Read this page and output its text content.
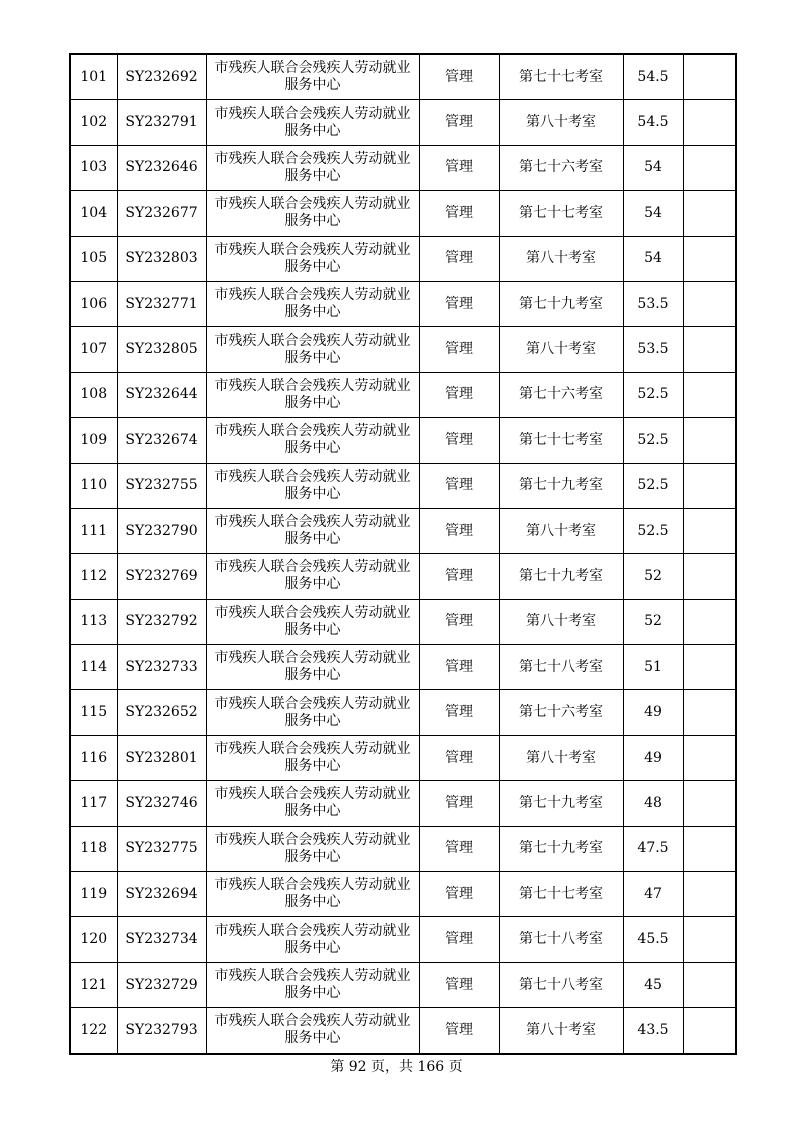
101	SY232692	市残疾人联合会残疾人劳动就业服务中心	管理	第七十七考室	54.5	
102	SY232791	市残疾人联合会残疾人劳动就业服务中心	管理	第八十考室	54.5	
103	SY232646	市残疾人联合会残疾人劳动就业服务中心	管理	第七十六考室	54	
104	SY232677	市残疾人联合会残疾人劳动就业服务中心	管理	第七十七考室	54	
105	SY232803	市残疾人联合会残疾人劳动就业服务中心	管理	第八十考室	54	
106	SY232771	市残疾人联合会残疾人劳动就业服务中心	管理	第七十九考室	53.5	
107	SY232805	市残疾人联合会残疾人劳动就业服务中心	管理	第八十考室	53.5	
108	SY232644	市残疾人联合会残疾人劳动就业服务中心	管理	第七十六考室	52.5	
109	SY232674	市残疾人联合会残疾人劳动就业服务中心	管理	第七十七考室	52.5	
110	SY232755	市残疾人联合会残疾人劳动就业服务中心	管理	第七十九考室	52.5	
111	SY232790	市残疾人联合会残疾人劳动就业服务中心	管理	第八十考室	52.5	
112	SY232769	市残疾人联合会残疾人劳动就业服务中心	管理	第七十九考室	52	
113	SY232792	市残疾人联合会残疾人劳动就业服务中心	管理	第八十考室	52	
114	SY232733	市残疾人联合会残疾人劳动就业服务中心	管理	第七十八考室	51	
115	SY232652	市残疾人联合会残疾人劳动就业服务中心	管理	第七十六考室	49	
116	SY232801	市残疾人联合会残疾人劳动就业服务中心	管理	第八十考室	49	
117	SY232746	市残疾人联合会残疾人劳动就业服务中心	管理	第七十九考室	48	
118	SY232775	市残疾人联合会残疾人劳动就业服务中心	管理	第七十九考室	47.5	
119	SY232694	市残疾人联合会残疾人劳动就业服务中心	管理	第七十七考室	47	
120	SY232734	市残疾人联合会残疾人劳动就业服务中心	管理	第七十八考室	45.5	
121	SY232729	市残疾人联合会残疾人劳动就业服务中心	管理	第七十八考室	45	
122	SY232793	市残疾人联合会残疾人劳动就业服务中心	管理	第八十考室	43.5	
第 92 页，共 166 页
